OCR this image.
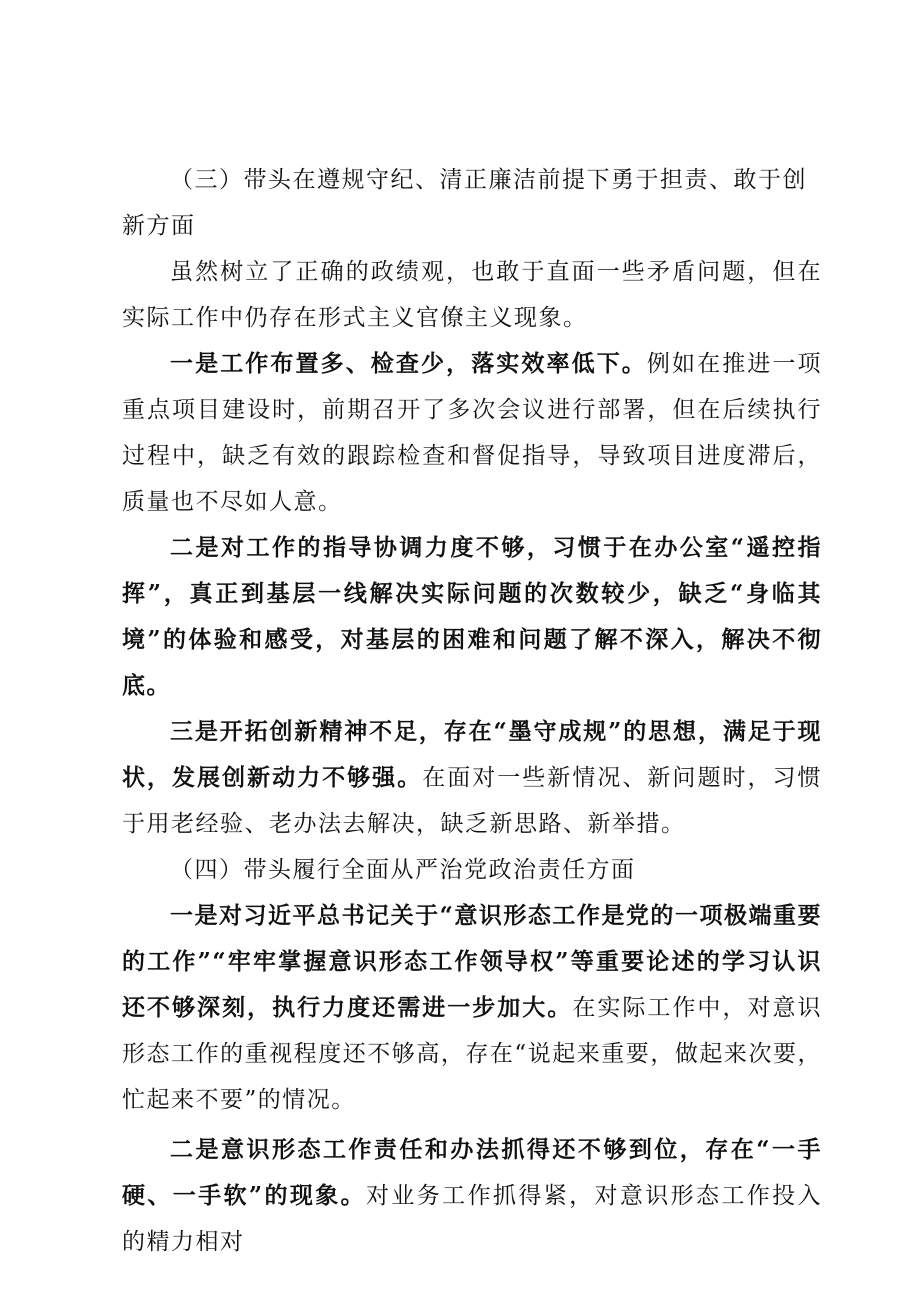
（三）带头在遵规守纪、清正廉洁前提下勇于担责、敢于创新方面

虽然树立了正确的政绩观，也敢于直面一些矛盾问题，但在实际工作中仍存在形式主义官僚主义现象。

一是工作布置多、检查少，落实效率低下。例如在推进一项重点项目建设时，前期召开了多次会议进行部署，但在后续执行过程中，缺乏有效的跟踪检查和督促指导，导致项目进度滞后，质量也不尽如人意。

二是对工作的指导协调力度不够，习惯于在办公室“遥控指挥”，真正到基层一线解决实际问题的次数较少，缺乏“身临其境”的体验和感受，对基层的困难和问题了解不深入，解决不彻底。

三是开拓创新精神不足，存在“墨守成规”的思想，满足于现状，发展创新动力不够强。在面对一些新情况、新问题时，习惯于用老经验、老办法去解决，缺乏新思路、新举措。

（四）带头履行全面从严治党政治责任方面

一是对习近平总书记关于“意识形态工作是党的一项极端重要的工作”“牢牢掌握意识形态工作领导权”等重要论述的学习认识还不够深刻，执行力度还需进一步加大。在实际工作中，对意识形态工作的重视程度还不够高，存在“说起来重要，做起来次要，忙起来不要”的情况。

二是意识形态工作责任和办法抓得还不够到位，存在“一手硬、一手软”的现象。对业务工作抓得紧，对意识形态工作投入的精力相对
